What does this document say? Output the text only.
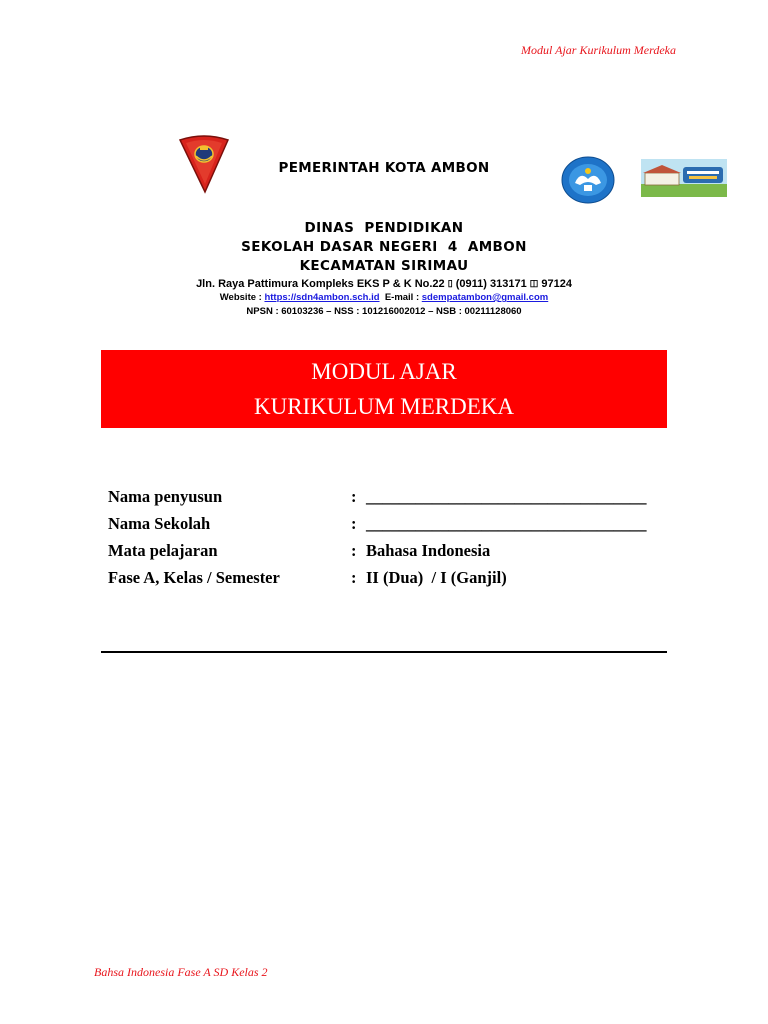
Modul Ajar Kurikulum Merdeka
PEMERINTAH KOTA AMBON
DINAS  PENDIDIKAN
SEKOLAH DASAR NEGERI  4  AMBON
KECAMATAN SIRIMAU
Jln. Raya Pattimura Kompleks EKS P & K No.22 ▯ (0911) 313171 ◫ 97124
Website : https://sdn4ambon.sch.id E-mail : sdempatambon@gmail.com
NPSN : 60103236 – NSS : 101216002012 – NSB : 00211128060
MODUL AJAR
KURIKULUM MERDEKA
Nama penyusun	: __________________________________
Nama Sekolah	: __________________________________
Mata pelajaran	: Bahasa Indonesia
Fase A, Kelas / Semester	: II (Dua)  / I (Ganjil)
Bahsa Indonesia Fase A SD Kelas 2
